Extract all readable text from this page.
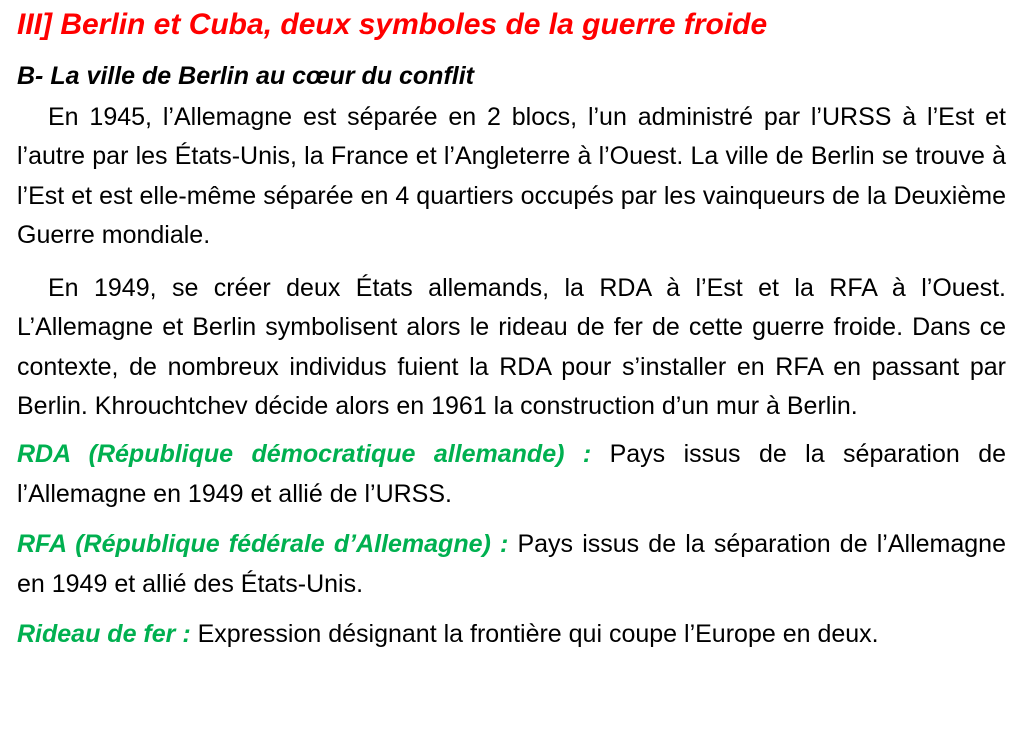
III] Berlin et Cuba, deux symboles de la guerre froide
B- La ville de Berlin au cœur du conflit

En 1945, l’Allemagne est séparée en 2 blocs, l’un administré par l’URSS à l’Est et l’autre par les États-Unis, la France et l’Angleterre à l’Ouest. La ville de Berlin se trouve à l’Est et est elle-même séparée en 4 quartiers occupés par les vainqueurs de la Deuxième Guerre mondiale.

En 1949, se créer deux États allemands, la RDA à l’Est et la RFA à l’Ouest. L’Allemagne et Berlin symbolisent alors le rideau de fer de cette guerre froide. Dans ce contexte, de nombreux individus fuient la RDA pour s’installer en RFA en passant par Berlin. Khrouchtchev décide alors en 1961 la construction d’un mur à Berlin.

RDA (République démocratique allemande) : Pays issus de la séparation de l’Allemagne en 1949 et allié de l’URSS.

RFA (République fédérale d’Allemagne) : Pays issus de la séparation de l’Allemagne en 1949 et allié des États-Unis.

Rideau de fer : Expression désignant la frontière qui coupe l’Europe en deux.
